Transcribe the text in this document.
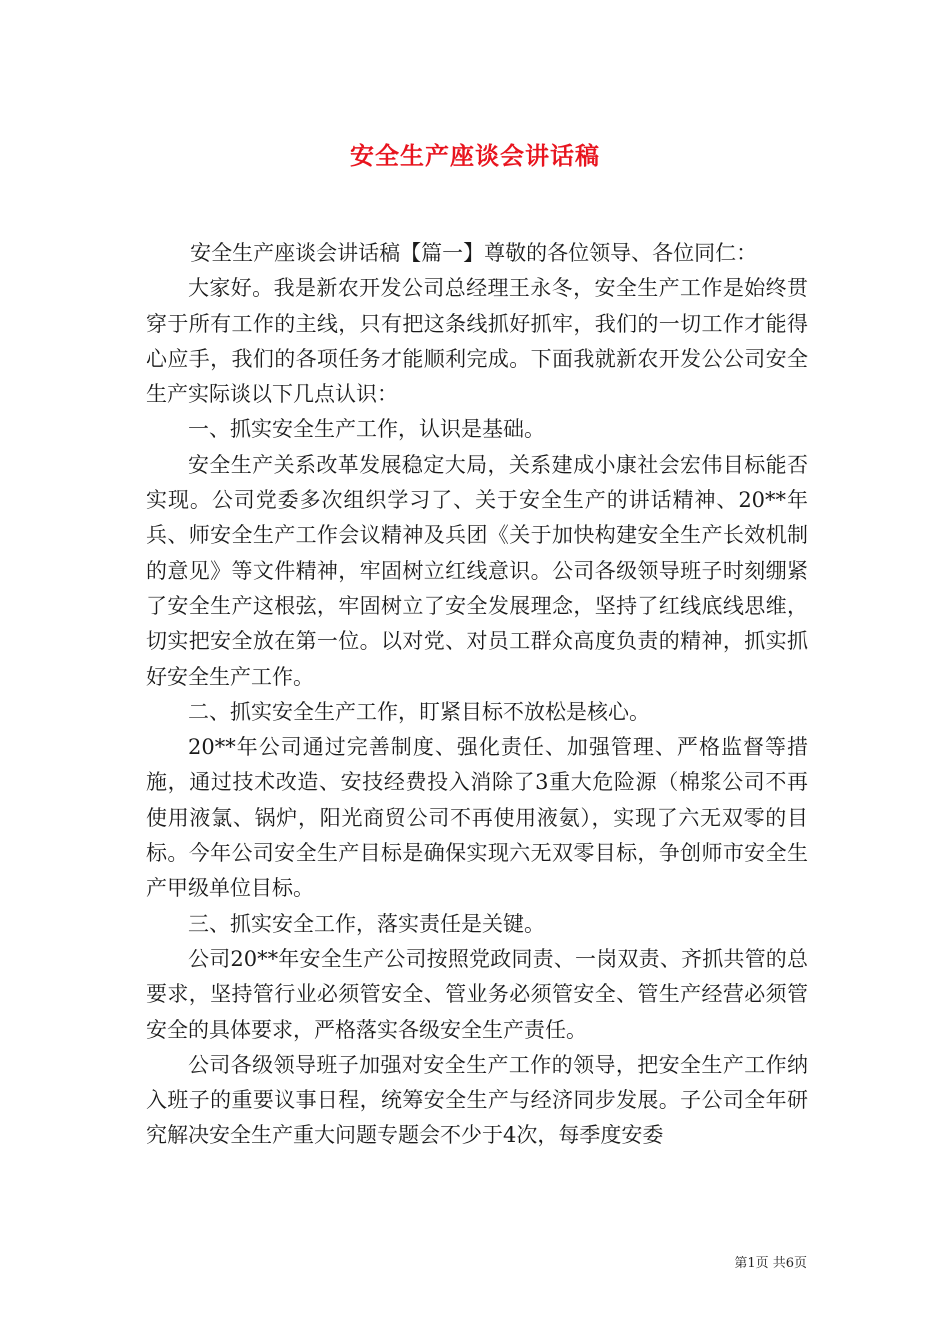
安全生产座谈会讲话稿

安全生产座谈会讲话稿【篇一】尊敬的各位领导、各位同仁：

大家好。我是新农开发公司总经理王永冬，安全生产工作是始终贯穿于所有工作的主线，只有把这条线抓好抓牢，我们的一切工作才能得心应手，我们的各项任务才能顺利完成。下面我就新农开发公公司安全生产实际谈以下几点认识：

一、抓实安全生产工作，认识是基础。

安全生产关系改革发展稳定大局，关系建成小康社会宏伟目标能否实现。公司党委多次组织学习了、关于安全生产的讲话精神、20**年兵、师安全生产工作会议精神及兵团《关于加快构建安全生产长效机制的意见》等文件精神，牢固树立红线意识。公司各级领导班子时刻绷紧了安全生产这根弦，牢固树立了安全发展理念，坚持了红线底线思维，切实把安全放在第一位。以对党、对员工群众高度负责的精神，抓实抓好安全生产工作。

二、抓实安全生产工作，盯紧目标不放松是核心。

20**年公司通过完善制度、强化责任、加强管理、严格监督等措施，通过技术改造、安技经费投入消除了3重大危险源（棉浆公司不再使用液氯、锅炉，阳光商贸公司不再使用液氨），实现了六无双零的目标。今年公司安全生产目标是确保实现六无双零目标，争创师市安全生产甲级单位目标。

三、抓实安全工作，落实责任是关键。

公司20**年安全生产公司按照党政同责、一岗双责、齐抓共管的总要求，坚持管行业必须管安全、管业务必须管安全、管生产经营必须管安全的具体要求，严格落实各级安全生产责任。

公司各级领导班子加强对安全生产工作的领导，把安全生产工作纳入班子的重要议事日程，统筹安全生产与经济同步发展。子公司全年研究解决安全生产重大问题专题会不少于4次，每季度安委

第1页 共6页
